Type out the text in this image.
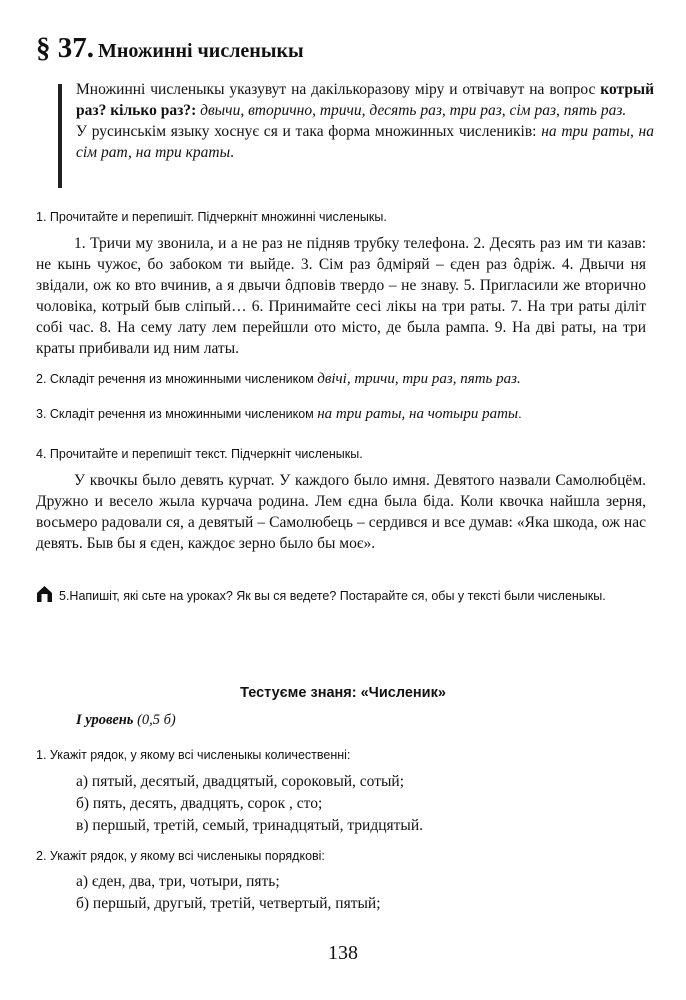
§ 37. Множинні численыкы

Множинні численыкы указувут на дакількоразову міру и отвічавут на вопрос котрый раз? кілько раз?: двычи, вторично, тричи, десять раз, три раз, сім раз, пять раз.

У русинськім языку хоснує ся и така форма множинных числеників: на три раты, на сім рат, на три краты.

1. Прочитайте и перепишіт. Підчеркніт множинні численыкы.

1. Тричи му звонила, и а не раз не підняв трубку телефона. 2. Десять раз им ти казав: не кынь чужоє, бо забоком ти выйде. 3. Сім раз ôдміряй – єден раз ôдріж. 4. Двычи ня звідали, ож ко вто вчинив, а я двычи ôдповів твердо – не знаву. 5. Пригласили же вторично чоловіка, котрый быв сліпый… 6. Принимайте сесі лікы на три раты. 7. На три раты діліт собі час. 8. На сему лату лем перейшли ото місто, де была рампа. 9. На дві раты, на три краты прибивали ид ним латы.

2. Складіт речення из множинными числеником двічі, тричи, три раз, пять раз.
3. Складіт речення из множинными числеником на три раты, на чотыри раты.
4. Прочитайте и перепишіт текст. Підчеркніт численыкы.

У квочкы было девять курчат. У каждого было имня. Девятого назвали Самолюбцём. Дружно и весело жыла курчача родина. Лем єдна была біда. Коли квочка найшла зерня, восьмеро радовали ся, а девятый – Самолюбець – сердився и все думав: «Яка шкода, ож нас девять. Быв бы я єден, каждоє зерно было бы моє».

5.Напишіт, які сьте на уроках? Як вы ся ведете? Постарайте ся, обы у тексті были численыкы.
Тестуєме знаня: «Численик»
І уровень (0,5 б)
1. Укажіт рядок, у якому всі численыкы количественні:
а) пятый, десятый, двадцятый, сороковый, сотый;
б) пять, десять, двадцять, сорок , сто;
в) першый, третій, семый, тринадцятый, тридцятый.
2. Укажіт рядок, у якому всі численыкы порядкові:
а) єден, два, три, чотыри, пять;
б) першый, другый, третій, четвертый, пятый;
138
